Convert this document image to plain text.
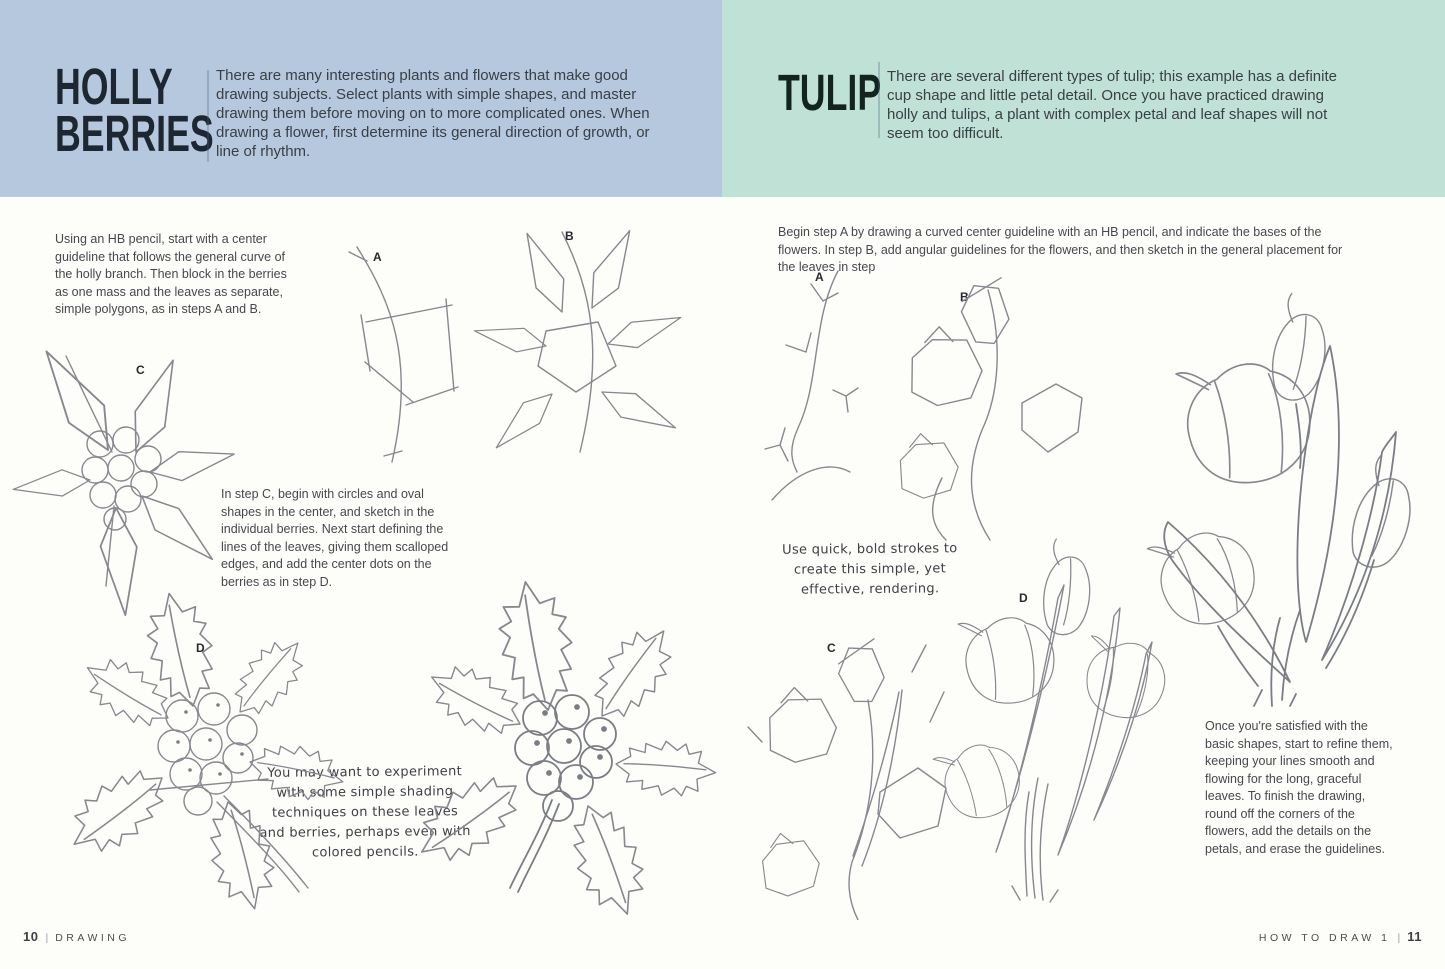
HOLLY
BERRIES

There are many interesting plants and flowers that make good drawing subjects. Select plants with simple shapes, and master drawing them before moving on to more complicated ones. When drawing a flower, first determine its general direction of growth, or line of rhythm.

TULIP There are several different types of tulip; this example has a definite cup shape and little petal detail. Once you have practiced drawing holly and tulips, a plant with complex petal and leaf shapes will not seem too difficult.

Using an HB pencil, start with a center guideline that follows the general curve of the holly branch. Then block in the berries as one mass and the leaves as separate, simple polygons, as in steps A and B.

In step C, begin with circles and oval shapes in the center, and sketch in the individual berries. Next start defining the lines of the leaves, giving them scalloped edges, and add the center dots on the berries as in step D.

You may want to experiment with some simple shading techniques on these leaves and berries, perhaps even with colored pencils.

Begin step A by drawing a curved center guideline with an HB pencil, and indicate the bases of the flowers. In step B, add angular guidelines for the flowers, and then sketch in the general placement for the leaves in step

Use quick, bold strokes to create this simple, yet effective, rendering.

Once you're satisfied with the basic shapes, start to refine them, keeping your lines smooth and flowing for the long, graceful leaves. To finish the drawing, round off the corners of the flowers, add the details on the petals, and erase the guidelines.

A
B
C
D
A
B
C
D
10 | DRAWING	HOW TO DRAW 1 | 11
